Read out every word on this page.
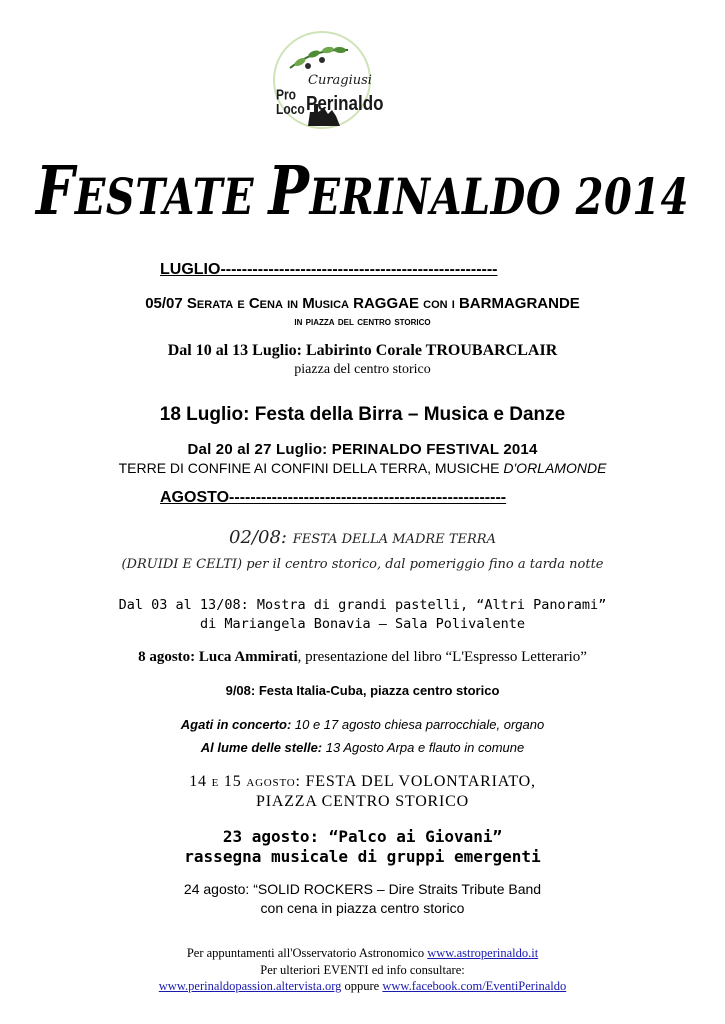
Curagiusi
Pro
Loco Perinaldo
FESTATE PERINALDO 2014
LUGLIO----------------------------------------------------
05/07 Serata e Cena in Musica RAGGAE con i BARMAGRANDE
in piazza del centro storico
Dal 10 al 13 Luglio: Labirinto Corale TROUBARCLAIR
piazza del centro storico
18 Luglio: Festa della Birra – Musica e Danze
Dal 20 al 27 Luglio: PERINALDO FESTIVAL 2014
TERRE DI CONFINE AI CONFINI DELLA TERRA, MUSICHE D'ORLAMONDE
AGOSTO----------------------------------------------------
02/08: FESTA DELLA MADRE TERRA
(DRUIDI E CELTI) per il centro storico, dal pomeriggio fino a tarda notte
Dal 03 al 13/08: Mostra di grandi pastelli, “Altri Panorami”
di Mariangela Bonavia – Sala Polivalente
8 agosto: Luca Ammirati, presentazione del libro “L'Espresso Letterario”
9/08: Festa Italia-Cuba, piazza centro storico
Agati in concerto: 10 e 17 agosto chiesa parrocchiale, organo
Al lume delle stelle: 13 Agosto Arpa e flauto in comune
14 e 15 agosto: FESTA DEL VOLONTARIATO,
PIAZZA CENTRO STORICO
23 agosto: “Palco ai Giovani”
rassegna musicale di gruppi emergenti
24 agosto: “SOLID ROCKERS – Dire Straits Tribute Band
con cena in piazza centro storico
Per appuntamenti all'Osservatorio Astronomico www.astroperinaldo.it
Per ulteriori EVENTI ed info consultare:
www.perinaldopassion.altervista.org oppure www.facebook.com/EventiPerinaldo
